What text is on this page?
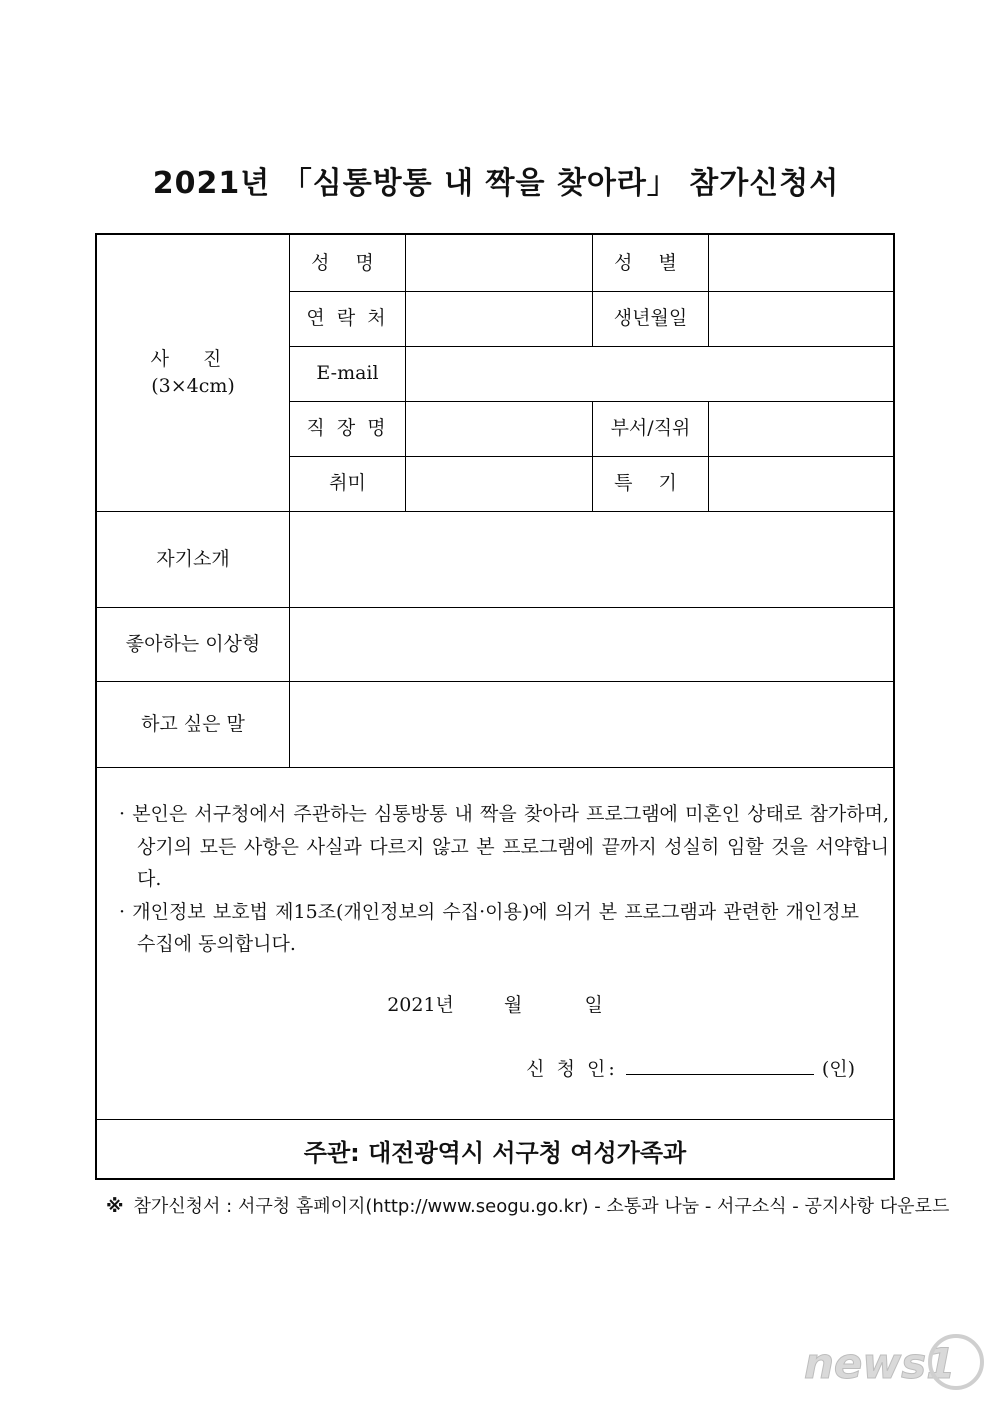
2021년 「심통방통 내 짝을 찾아라」 참가신청서
사 진
(3×4cm)
성 명	성 별
연 락 처	생년월일
E-mail
직 장 명	부서/직위
취미	특 기
자기소개
좋아하는 이상형
하고 싶은 말
· 본인은 서구청에서 주관하는 심통방통 내 짝을 찾아라 프로그램에 미혼인 상태로 참가하며, 상기의 모든 사항은 사실과 다르지 않고 본 프로그램에 끝까지 성실히 임할 것을 서약합니다.
· 개인정보 보호법 제15조(개인정보의 수집·이용)에 의거 본 프로그램과 관련한 개인정보 수집에 동의합니다.
2021년	월	일
신 청 인:	(인)
주관: 대전광역시 서구청 여성가족과
※ 참가신청서 : 서구청 홈페이지(http://www.seogu.go.kr) - 소통과 나눔 - 서구소식 - 공지사항 다운로드
news1
